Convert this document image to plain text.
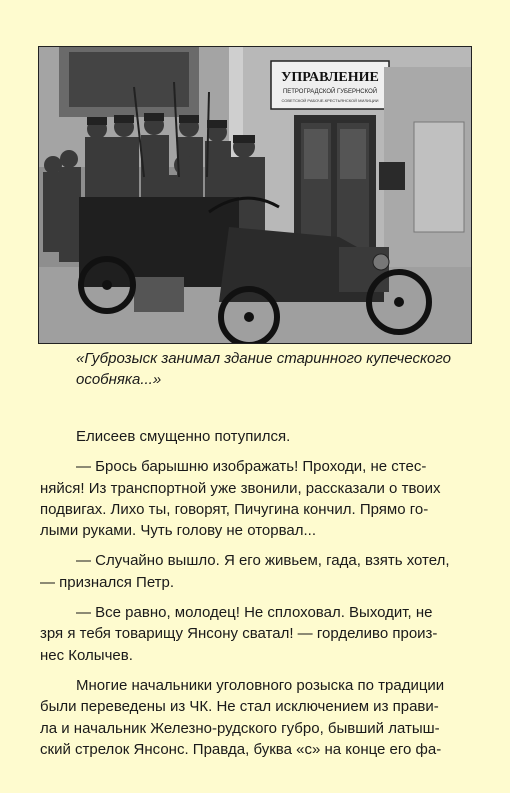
УПРАВЛЕНИЕ
ПЕТРОГРАДСКОЙ ГУБЕРНСКОЙ
СОВЕТСКОЙ РАБОЧЕ-КРЕСТЬЯНСКОЙ МИЛИЦИИ

«Губрозыск занимал здание старинного купеческого
особняка...»

Елисеев смущенно потупился.

— Брось барышню изображать! Проходи, не стес-
няйся! Из транспортной уже звонили, рассказали о твоих
подвигах. Лихо ты, говорят, Пичугина кончил. Прямо го-
лыми руками. Чуть голову не оторвал...

— Случайно вышло. Я его живьем, гада, взять хотел,
— признался Петр.

— Все равно, молодец! Не сплоховал. Выходит, не
зря я тебя товарищу Янсону сватал! — горделиво произ-
нес Колычев.

Многие начальники уголовного розыска по традиции
были переведены из ЧК. Не стал исключением из прави-
ла и начальник Железно-рудского губро, бывший латыш-
ский стрелок Янсонс. Правда, буква «с» на конце его фа-
